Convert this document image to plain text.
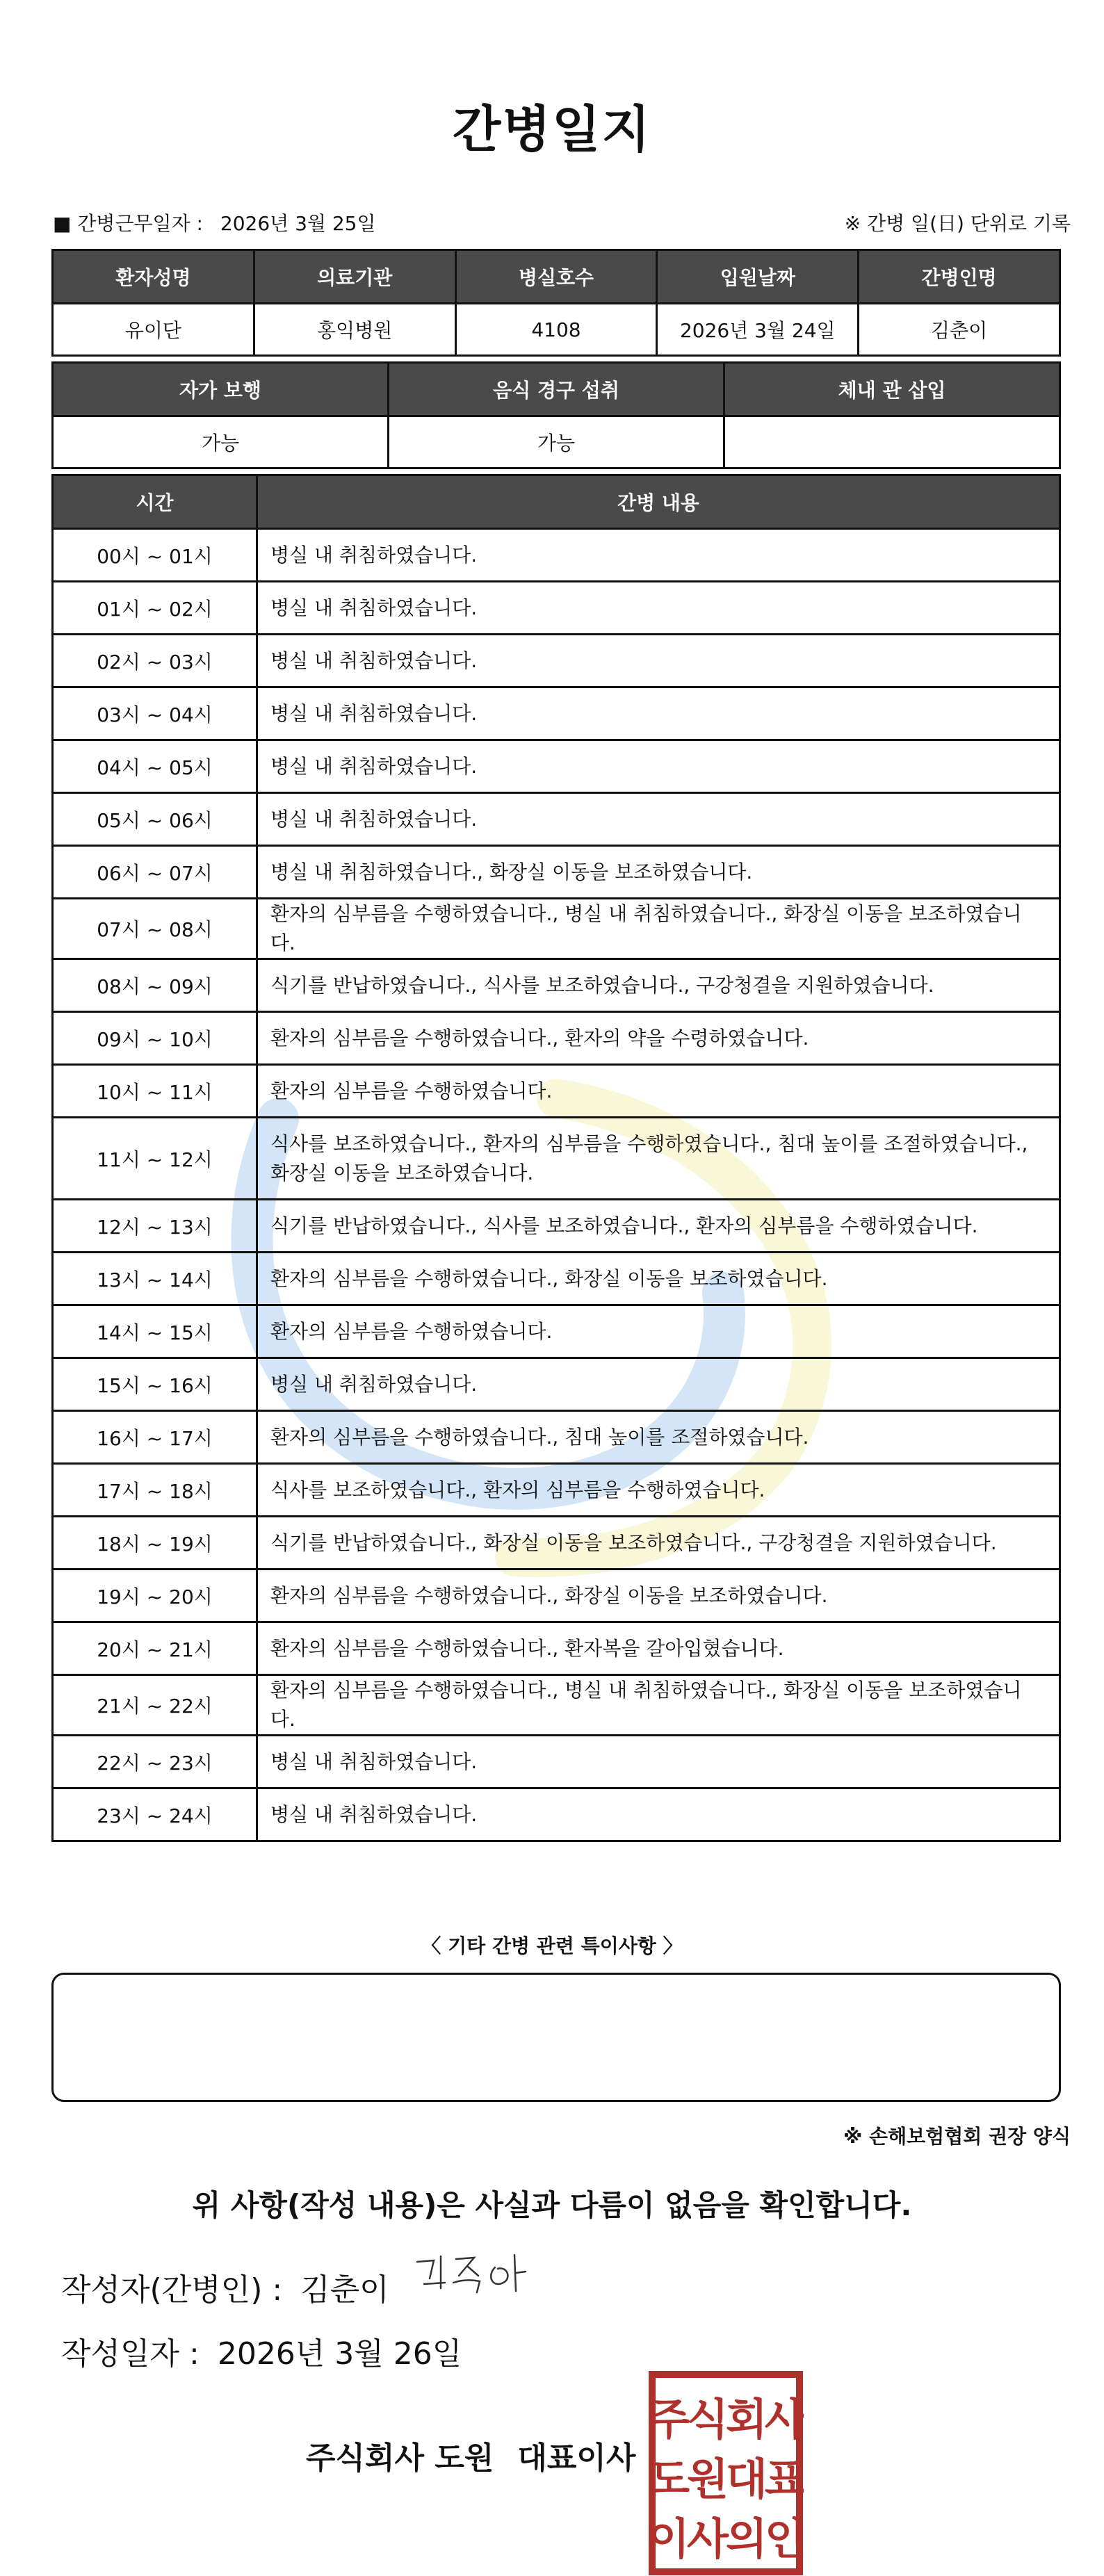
간병일지
■ 간병근무일자 : 2026년 3월 25일	※ 간병 일(日) 단위로 기록
환자성명	의료기관	병실호수	입원날짜	간병인명
유이단	홍익병원	4108	2026년 3월 24일	김춘이
자가 보행	음식 경구 섭취	체내 관 삽입
가능	가능	
시간	간병 내용
00시 ~ 01시	병실 내 취침하였습니다.
01시 ~ 02시	병실 내 취침하였습니다.
02시 ~ 03시	병실 내 취침하였습니다.
03시 ~ 04시	병실 내 취침하였습니다.
04시 ~ 05시	병실 내 취침하였습니다.
05시 ~ 06시	병실 내 취침하였습니다.
06시 ~ 07시	병실 내 취침하였습니다., 화장실 이동을 보조하였습니다.
07시 ~ 08시	환자의 심부름을 수행하였습니다., 병실 내 취침하였습니다., 화장실 이동을 보조하였습니다.
08시 ~ 09시	식기를 반납하였습니다., 식사를 보조하였습니다., 구강청결을 지원하였습니다.
09시 ~ 10시	환자의 심부름을 수행하였습니다., 환자의 약을 수령하였습니다.
10시 ~ 11시	환자의 심부름을 수행하였습니다.
11시 ~ 12시	식사를 보조하였습니다., 환자의 심부름을 수행하였습니다., 침대 높이를 조절하였습니다., 화장실 이동을 보조하였습니다.
12시 ~ 13시	식기를 반납하였습니다., 식사를 보조하였습니다., 환자의 심부름을 수행하였습니다.
13시 ~ 14시	환자의 심부름을 수행하였습니다., 화장실 이동을 보조하였습니다.
14시 ~ 15시	환자의 심부름을 수행하였습니다.
15시 ~ 16시	병실 내 취침하였습니다.
16시 ~ 17시	환자의 심부름을 수행하였습니다., 침대 높이를 조절하였습니다.
17시 ~ 18시	식사를 보조하였습니다., 환자의 심부름을 수행하였습니다.
18시 ~ 19시	식기를 반납하였습니다., 화장실 이동을 보조하였습니다., 구강청결을 지원하였습니다.
19시 ~ 20시	환자의 심부름을 수행하였습니다., 화장실 이동을 보조하였습니다.
20시 ~ 21시	환자의 심부름을 수행하였습니다., 환자복을 갈아입혔습니다.
21시 ~ 22시	환자의 심부름을 수행하였습니다., 병실 내 취침하였습니다., 화장실 이동을 보조하였습니다.
22시 ~ 23시	병실 내 취침하였습니다.
23시 ~ 24시	병실 내 취침하였습니다.
〈 기타 간병 관련 특이사항 〉
※ 손해보험협회 권장 양식
위 사항(작성 내용)은 사실과 다름이 없음을 확인합니다.
작성자(간병인) : 김춘이
작성일자 : 2026년 3월 26일
주식회사 도원 대표이사
주식회사
도원대표
이사의인
